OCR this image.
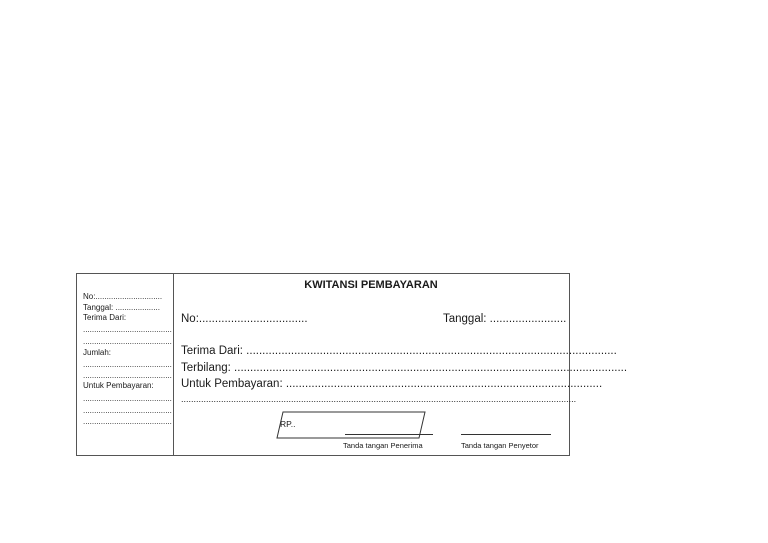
No:..............................
Tanggal: ....................
Terima Dari:
........................................
........................................
Jumlah:
........................................
........................................
Untuk Pembayaran:
........................................
........................................
........................................
KWITANSI PEMBAYARAN
No:..................................	Tanggal: ........................
Terima Dari: ....................................................................................................................
Terbilang: ...........................................................................................................................
Untuk Pembayaran: ...................................................................................................
..............................................................................................................................................................
RP..
Tanda tangan Penerima	Tanda tangan Penyetor
